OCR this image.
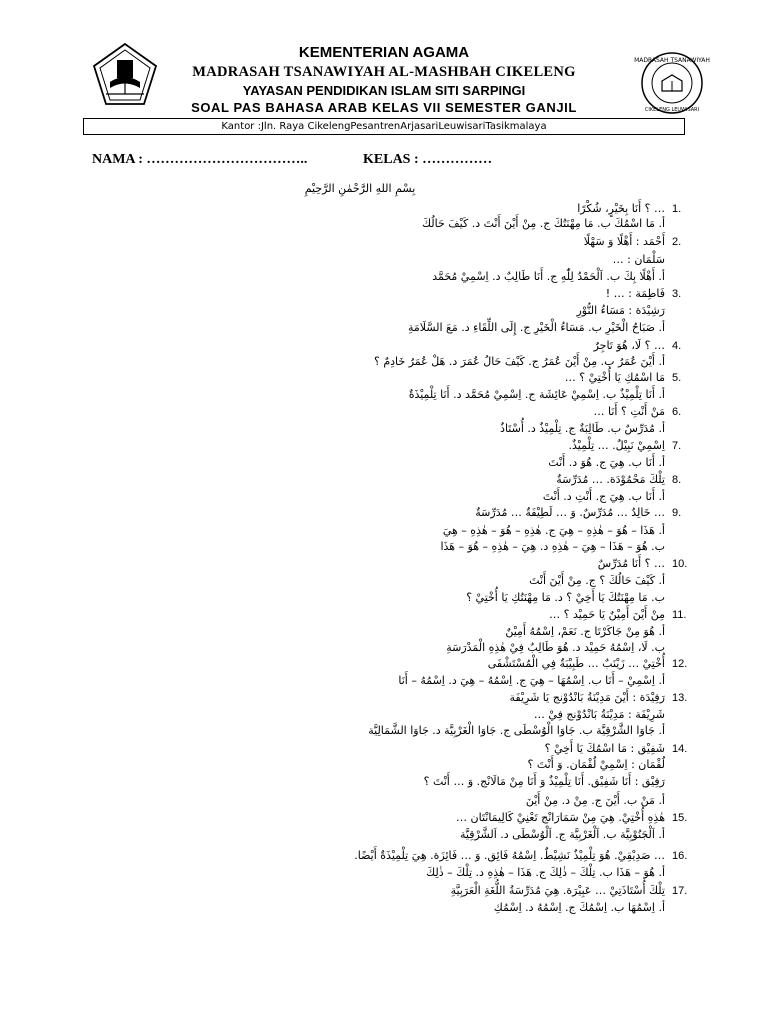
MADRASAH TSANAWIYAH
CIKELENG LEUWISARI
KEMENTERIAN AGAMA
MADRASAH TSANAWIYAH AL-MASHBAH CIKELENG
YAYASAN PENDIDIKAN ISLAM SITI SARPINGI
SOAL PAS BAHASA ARAB KELAS VII SEMESTER GANJIL
Kantor :Jln. Raya CikelengPesantrenArjasariLeuwisariTasikmalaya
NAMA : ……………………………..	KELAS : ……………
بِسْمِ اللهِ الرَّحْمٰنِ الرَّحِيْمِ
… ؟ أَنَا بِخَيْرٍ، شُكْرًا 1.
أ. مَا اسْمُكَ ب. مَا مِهْنَتُكَ ج. مِنْ أَيْنَ أَنْتَ د. كَيْفَ حَالُكَ
أَحْمَد : أَهْلًا وَ سَهْلًا 2.
سَلْمَان : …
أ. أَهْلًا بِكَ ب. اَلْحَمْدُ لِلّٰهِ ج. أَنَا طَالِبٌ د. اِسْمِيْ مُحَمَّد
فَاطِمَة : … ! 3.
رَشِيْدَة : مَسَاءُ النُّوْرِ
أ. صَبَاحُ الْخَيْرِ ب. مَسَاءُ الْخَيْرِ ج. إِلَى اللِّقَاءِ د. مَعَ السَّلَامَةِ
… ؟ لَا، هُوَ تَاجِرٌ 4.
أ. أَيْنَ عُمَرُ ب. مِنْ أَيْنَ عُمَرُ ج. كَيْفَ حَالُ عُمَرَ د. هَلْ عُمَرُ خَادِمٌ ؟
مَا اسْمُكِ يَا أُخْتِيْ ؟ … 5.
أ. أَنَا تِلْمِيْذٌ ب. اِسْمِيْ عَائِشَة ج. اِسْمِيْ مُحَمَّد د. أَنَا تِلْمِيْذَةٌ
مَنْ أَنْتِ ؟ أَنَا … 6.
أ. مُدَرِّسٌ ب. طَالِبَةٌ ج. تِلْمِيْذٌ د. أُسْتَاذٌ
اِسْمِيْ نَبِيْلٌ. … تِلْمِيْذٌ. 7.
أ. أَنَا ب. هِيَ ج. هُوَ د. أَنْتَ
تِلْكَ مَحْمُوْدَة. … مُدَرِّسَةٌ 8.
أ. أَنَا ب. هِيَ ج. أَنْتِ د. أَنْتَ
… خَالِدٌ … مُدَرِّسٌ. وَ … لَطِيْفَةٌ … مُدَرِّسَةٌ 9.
أ. هَذَا – هُوَ – هٰذِهِ – هِيَ ج. هٰذِهِ – هُوَ – هٰذِهِ – هِيَ
ب. هُوَ – هَذَا – هِيَ – هٰذِهِ د. هِيَ – هٰذِهِ – هُوَ – هَذَا
… ؟ أَنَا مُدَرِّسٌ 10.
أ. كَيْفَ حَالُكَ ؟ ج. مِنْ أَيْنَ أَنْتَ
ب. مَا مِهْنَتُكَ يَا أَخِيْ ؟ د. مَا مِهْنَتُكِ يَا أُخْتِيْ ؟
مِنْ أَيْنَ أَمِيْنٌ يَا حَمِيْد ؟ … 11.
أ. هُوَ مِنْ جَاكَرْتَا ج. نَعَمْ، اِسْمُهُ أَمِيْنٌ
ب. لَا، اِسْمُهُ حَمِيْد د. هُوَ طَالِبٌ فِيْ هٰذِهِ الْمَدْرَسَةِ
أُخْتِيْ … زَيْنَبٌ … طَبِيْبَةٌ فِي الْمُسْتَشْفَى 12.
أ. اِسْمِيْ – أَنَا ب. اِسْمُهَا – هِيَ ج. اِسْمُهُ – هِيَ د. اِسْمُهُ – أَنَا
رَفِيْدَة : أَيْنَ مَدِيْنَةُ بَانْدُوْنج يَا شَرِيْفَة 13.
شَرِيْفَة : مَدِيْنَةُ بَانْدُوْنج فِيْ …
أ. جَاوَا الشَّرْقِيَّة ب. جَاوَا الْوُسْطَى ج. جَاوَا الْغَرْبِيَّة د. جَاوَا الشَّمَالِيَّة
شَفِيْق : مَا اسْمُكَ يَا أَخِيْ ؟ 14.
لُقْمَان : اِسْمِيْ لُقْمَان. وَ أَنْتَ ؟
رَفِيْق : أَنَا شَفِيْق. أَنَا تِلْمِيْذٌ وَ أَنَا مِنْ مَالَانْج. وَ … أَنْتَ ؟
أ. مَنْ ب. أَيْنَ ج. مِنْ د. مِنْ أَيْنَ
هٰذِهِ أُخْتِيْ. هِيَ مِنْ سَمَارَانْج تَعْنِيْ كَالِيمَانْتَان … 15.
أ. اَلْجَنُوْبِيَّة ب. اَلْغَرْبِيَّة ج. اَلْوُسْطَى د. اَلشَّرْقِيَّة
… صَدِيْقِيْ. هُوَ تِلْمِيْذٌ نَشِيْطٌ. اِسْمُهُ فَائِق. وَ … فَائِزَة. هِيَ تِلْمِيْذَةٌ أَيْضًا. 16.
أ. هُوَ – هَذَا ب. تِلْكَ – ذٰلِكَ ج. هَذَا – هٰذِهِ د. تِلْكَ – ذٰلِكَ
تِلْكَ أُسْتَاذَتِيْ … عَبِيْرَة. هِيَ مُدَرِّسَةُ اللُّغَةِ الْعَرَبِيَّةِ 17.
أ. اِسْمُهَا ب. اِسْمُكَ ج. اِسْمُهُ د. اِسْمُكِ
